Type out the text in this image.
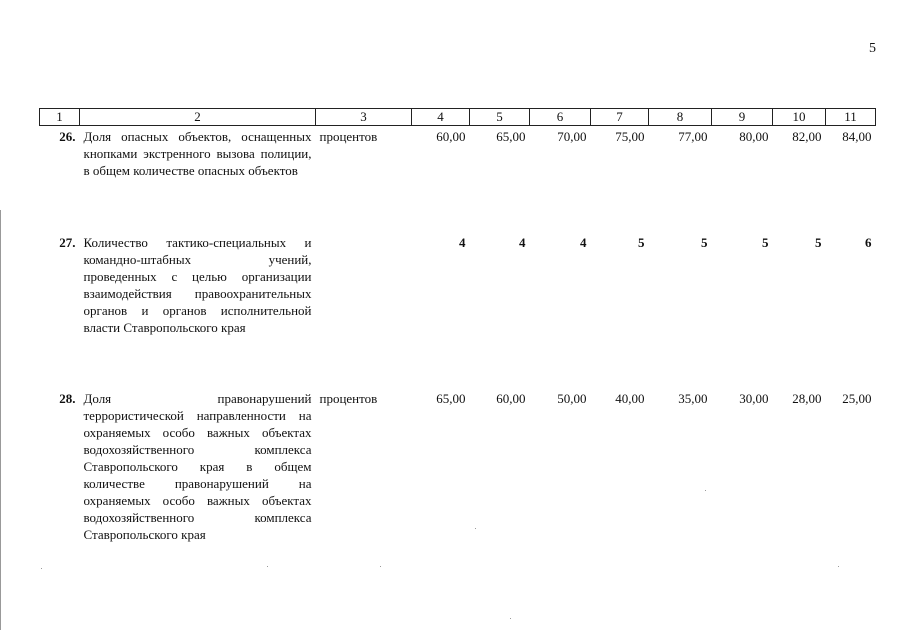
5
1	2	3	4	5	6	7	8	9	10	11
26.	Доля опасных объектов, оснащенных кнопками экстренного вызова полиции, в общем количестве опасных объектов	процентов	60,00	65,00	70,00	75,00	77,00	80,00	82,00	84,00
27.	Количество тактико-специальных и командно-штабных учений, проведенных с целью организации взаимодействия правоохранительных органов и органов исполнительной власти Ставропольского края		4	4	4	5	5	5	5	6
28.	Доля правонарушений террористической направленности на охраняемых особо важных объектах водохозяйственного комплекса Ставропольского края в общем количестве правонарушений на охраняемых особо важных объектах водохозяйственного комплекса Ставропольского края	процентов	65,00	60,00	50,00	40,00	35,00	30,00	28,00	25,00
